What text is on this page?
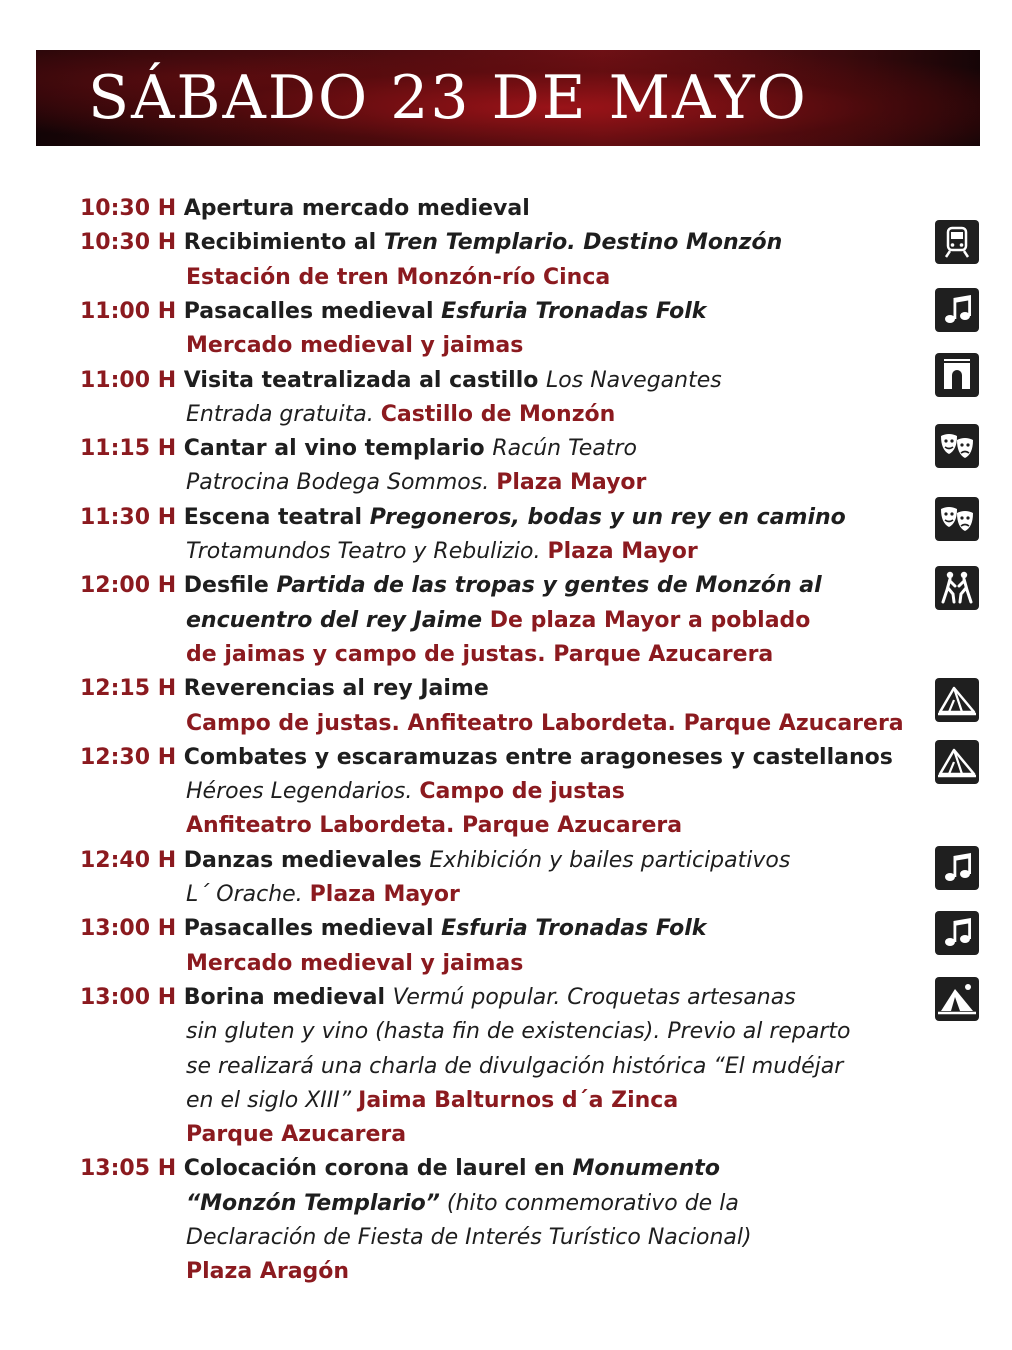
SÁBADO 23 DE MAYO
10:30 H Apertura mercado medieval
10:30 H Recibimiento al Tren Templario. Destino Monzón
Estación de tren Monzón-río Cinca
11:00 H Pasacalles medieval Esfuria Tronadas Folk
Mercado medieval y jaimas
11:00 H Visita teatralizada al castillo Los Navegantes
Entrada gratuita. Castillo de Monzón
11:15 H Cantar al vino templario Racún Teatro
Patrocina Bodega Sommos. Plaza Mayor
11:30 H Escena teatral Pregoneros, bodas y un rey en camino
Trotamundos Teatro y Rebulizio. Plaza Mayor
12:00 H Desfile Partida de las tropas y gentes de Monzón al
encuentro del rey Jaime De plaza Mayor a poblado
de jaimas y campo de justas. Parque Azucarera
12:15 H Reverencias al rey Jaime
Campo de justas. Anfiteatro Labordeta. Parque Azucarera
12:30 H Combates y escaramuzas entre aragoneses y castellanos
Héroes Legendarios. Campo de justas
Anfiteatro Labordeta. Parque Azucarera
12:40 H Danzas medievales Exhibición y bailes participativos
L´ Orache. Plaza Mayor
13:00 H Pasacalles medieval Esfuria Tronadas Folk
Mercado medieval y jaimas
13:00 H Borina medieval Vermú popular. Croquetas artesanas
sin gluten y vino (hasta fin de existencias). Previo al reparto
se realizará una charla de divulgación histórica “El mudéjar
en el siglo XIII” Jaima Balturnos d´a Zinca
Parque Azucarera
13:05 H Colocación corona de laurel en Monumento
“Monzón Templario” (hito conmemorativo de la
Declaración de Fiesta de Interés Turístico Nacional)
Plaza Aragón
